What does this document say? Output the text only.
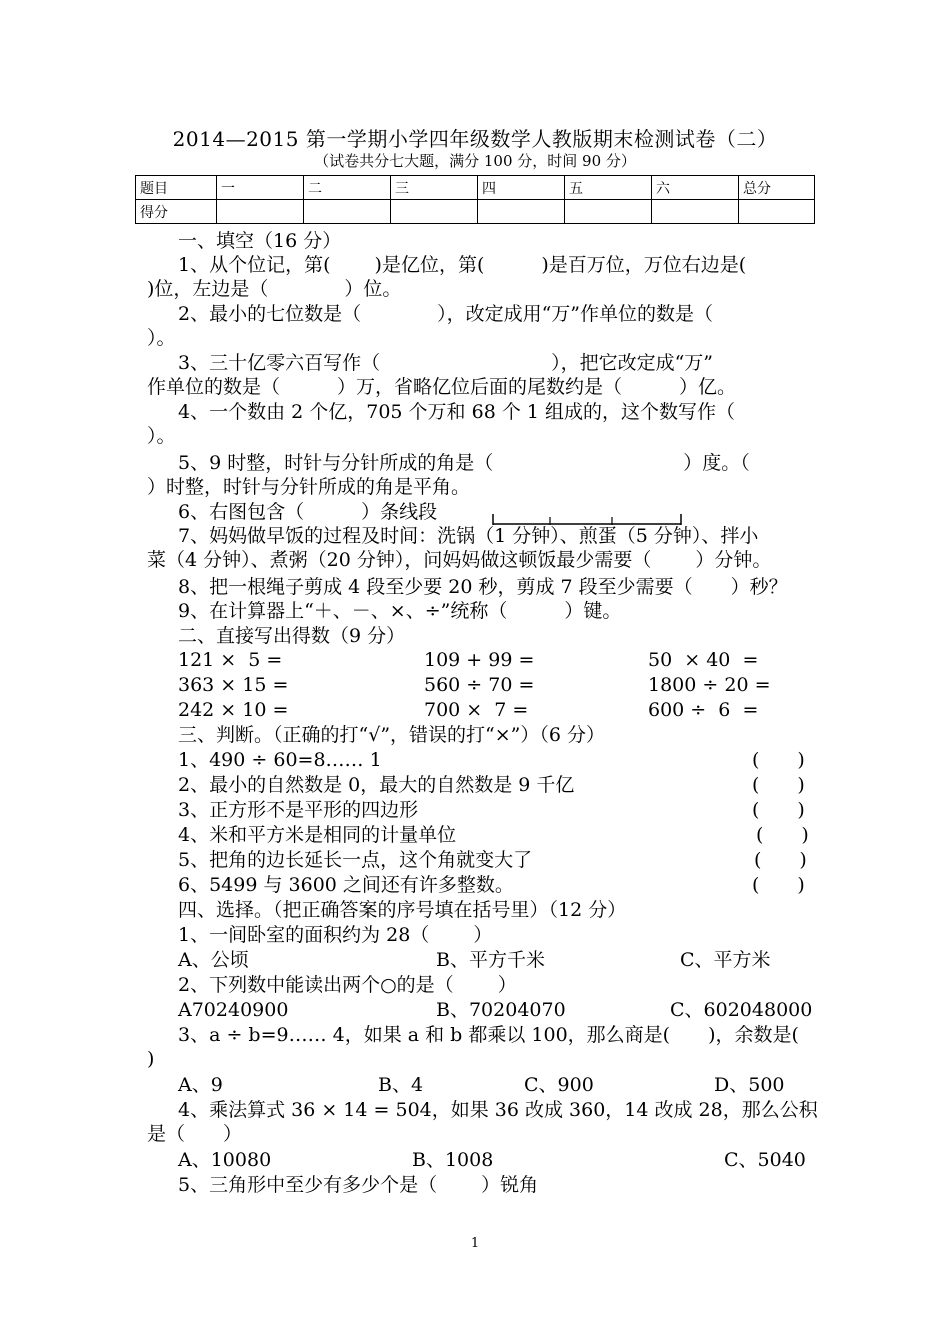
2014—2015 第一学期小学四年级数学人教版期末检测试卷（二）
（试卷共分七大题，满分 100 分，时间 90 分）
题目	一	二	三	四	五	六	总分
得分							
一、填空（16 分）
1、从个位记，第(　　 )是亿位，第(　　　)是百万位，万位右边是(
)位，左边是（　　　　）位。
2、最小的七位数是（　　　　），改定成用“万”作单位的数是（
）。
3、三十亿零六百写作（　　　　　　　　　），把它改定成“万”
作单位的数是（　　　）万，省略亿位后面的尾数约是（　　　）亿。
4、一个数由 2 个亿，705 个万和 68 个 1 组成的，这个数写作（
）。
5、9 时整，时针与分针所成的角是（　　　　　　　　　　）度。（
）时整，时针与分针所成的角是平角。
6、右图包含（　　　）条线段
7、妈妈做早饭的过程及时间：洗锅（1 分钟）、煎蛋（5 分钟）、拌小
菜（4 分钟）、煮粥（20 分钟），问妈妈做这顿饭最少需要（　　 ）分钟。
8、把一根绳子剪成 4 段至少要 20 秒，剪成 7 段至少需要（　　）秒？
9、在计算器上“＋、－、×、÷”统称（　　　）键。
二、直接写出得数（9 分）
121 ×  5 =	109 + 99 =	50  × 40  =
363 × 15 =	560 ÷ 70 =	1800 ÷ 20 =
242 × 10 =	700 ×  7 =	600 ÷  6  =
三、判断。（正确的打“√”，错误的打“×”）（6 分）
1、490 ÷ 60=8…… 1	(　　)
2、最小的自然数是 0，最大的自然数是 9 千亿	(　　)
3、正方形不是平形的四边形	(　　)
4、米和平方米是相同的计量单位	(　　)
5、把角的边长延长一点，这个角就变大了	(　　)
6、5499 与 3600 之间还有许多整数。	(　　)
四、选择。（把正确答案的序号填在括号里）（12 分）
1、一间卧室的面积约为 28（　　 ）
A、公顷	B、平方千米	C、平方米
2、下列数中能读出两个○的是（　　 ）
A70240900	B、70204070	C、602048000
3、a ÷ b=9…… 4，如果 a 和 b 都乘以 100，那么商是(　　)，余数是(
)
A、9	B、4	C、900	D、500
4、乘法算式 36 × 14 = 504，如果 36 改成 360，14 改成 28，那么公积
是（　　）
A、10080	B、1008	C、5040
5、三角形中至少有多少个是（　　 ）锐角
1
